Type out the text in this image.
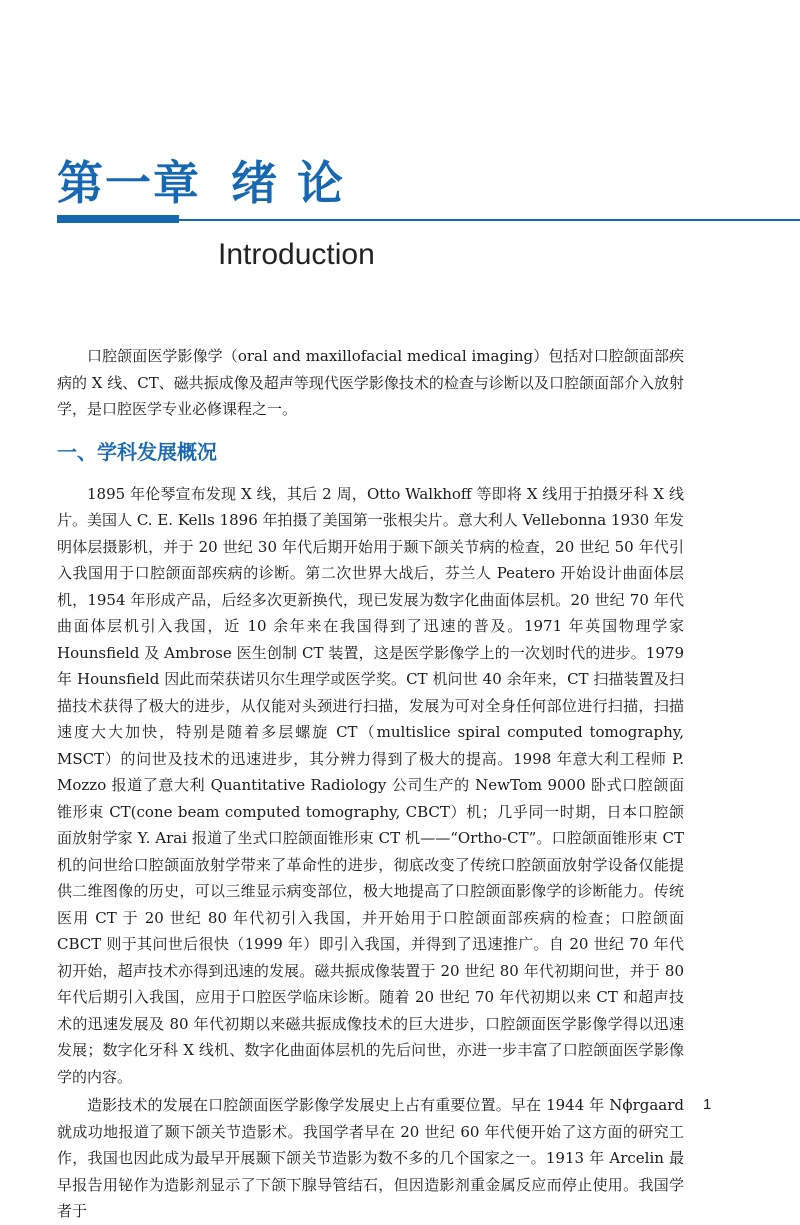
第一章 绪 论
Introduction

口腔颌面医学影像学（oral and maxillofacial medical imaging）包括对口腔颌面部疾病的 X 线、CT、磁共振成像及超声等现代医学影像技术的检查与诊断以及口腔颌面部介入放射学，是口腔医学专业必修课程之一。

一、学科发展概况

1895 年伦琴宣布发现 X 线，其后 2 周，Otto Walkhoff 等即将 X 线用于拍摄牙科 X 线片。美国人 C. E. Kells 1896 年拍摄了美国第一张根尖片。意大利人 Vellebonna 1930 年发明体层摄影机，并于 20 世纪 30 年代后期开始用于颞下颌关节病的检查，20 世纪 50 年代引入我国用于口腔颌面部疾病的诊断。第二次世界大战后，芬兰人 Peatero 开始设计曲面体层机，1954 年形成产品，后经多次更新换代，现已发展为数字化曲面体层机。20 世纪 70 年代曲面体层机引入我国，近 10 余年来在我国得到了迅速的普及。1971 年英国物理学家 Hounsfield 及 Ambrose 医生创制 CT 装置，这是医学影像学上的一次划时代的进步。1979 年 Hounsfield 因此而荣获诺贝尔生理学或医学奖。CT 机问世 40 余年来，CT 扫描装置及扫描技术获得了极大的进步，从仅能对头颈进行扫描，发展为可对全身任何部位进行扫描，扫描速度大大加快，特别是随着多层螺旋 CT（multislice spiral computed tomography, MSCT）的问世及技术的迅速进步，其分辨力得到了极大的提高。1998 年意大利工程师 P. Mozzo 报道了意大利 Quantitative Radiology 公司生产的 NewTom 9000 卧式口腔颌面锥形束 CT(cone beam computed tomography, CBCT）机；几乎同一时期，日本口腔颌面放射学家 Y. Arai 报道了坐式口腔颌面锥形束 CT 机——“Ortho-CT”。口腔颌面锥形束 CT 机的问世给口腔颌面放射学带来了革命性的进步，彻底改变了传统口腔颌面放射学设备仅能提供二维图像的历史，可以三维显示病变部位，极大地提高了口腔颌面影像学的诊断能力。传统医用 CT 于 20 世纪 80 年代初引入我国，并开始用于口腔颌面部疾病的检查；口腔颌面 CBCT 则于其问世后很快（1999 年）即引入我国，并得到了迅速推广。自 20 世纪 70 年代初开始，超声技术亦得到迅速的发展。磁共振成像装置于 20 世纪 80 年代初期问世，并于 80 年代后期引入我国，应用于口腔医学临床诊断。随着 20 世纪 70 年代初期以来 CT 和超声技术的迅速发展及 80 年代初期以来磁共振成像技术的巨大进步，口腔颌面医学影像学得以迅速发展；数字化牙科 X 线机、数字化曲面体层机的先后问世，亦进一步丰富了口腔颌面医学影像学的内容。

造影技术的发展在口腔颌面医学影像学发展史上占有重要位置。早在 1944 年 Nϕrgaard 就成功地报道了颞下颌关节造影术。我国学者早在 20 世纪 60 年代便开始了这方面的研究工作，我国也因此成为最早开展颞下颌关节造影为数不多的几个国家之一。1913 年 Arcelin 最早报告用铋作为造影剂显示了下颌下腺导管结石，但因造影剂重金属反应而停止使用。我国学者于

1
